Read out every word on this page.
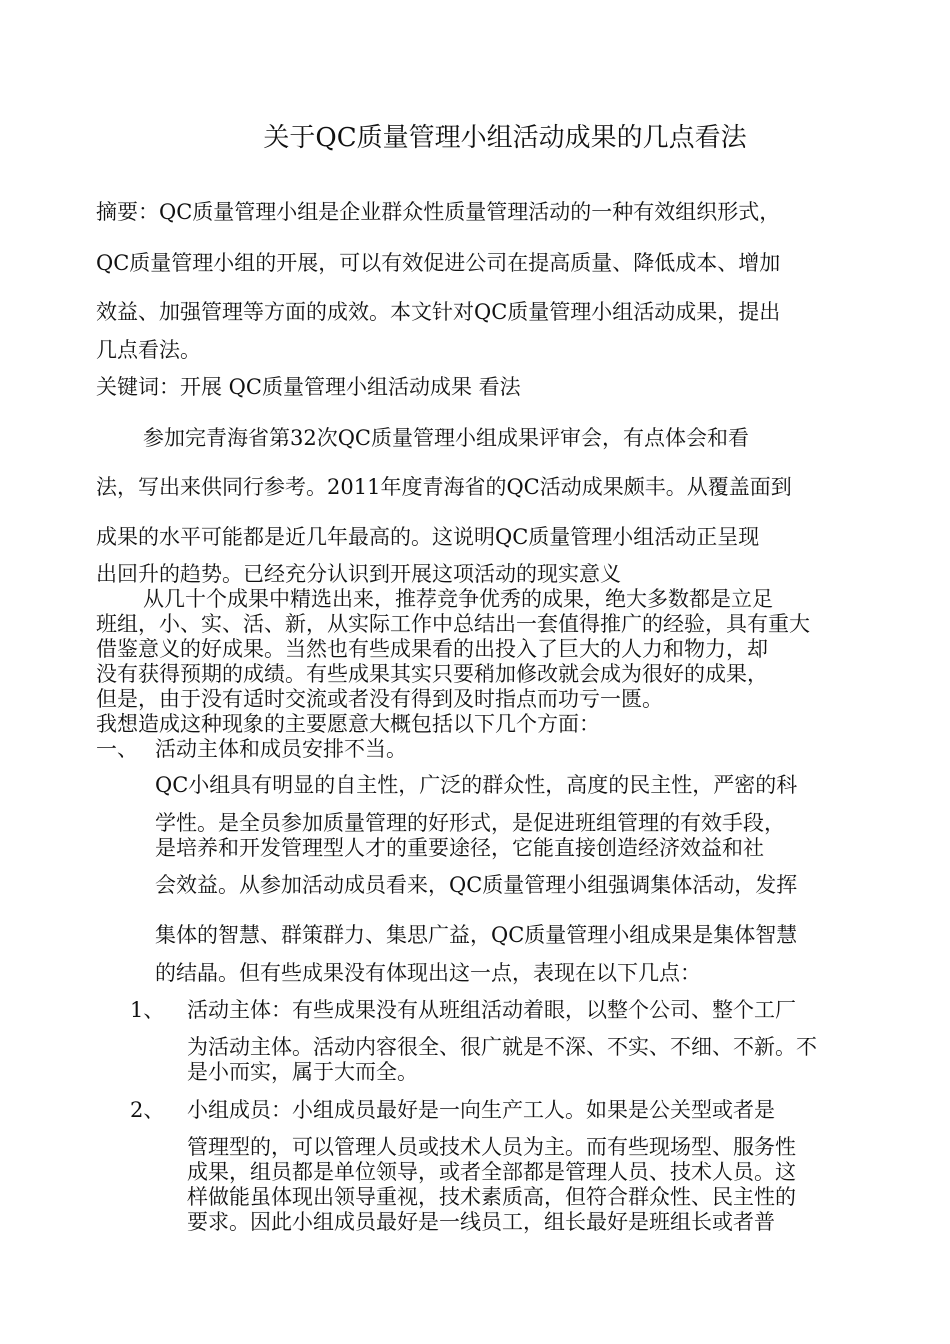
关于QC质量管理小组活动成果的几点看法
摘要：QC质量管理小组是企业群众性质量管理活动的一种有效组织形式，
QC质量管理小组的开展，可以有效促进公司在提高质量、降低成本、增加
效益、加强管理等方面的成效。本文针对QC质量管理小组活动成果，提出
几点看法。
关键词：开展 QC质量管理小组活动成果 看法
参加完青海省第32次QC质量管理小组成果评审会，有点体会和看
法，写出来供同行参考。2011年度青海省的QC活动成果颇丰。从覆盖面到
成果的水平可能都是近几年最高的。这说明QC质量管理小组活动正呈现
出回升的趋势。已经充分认识到开展这项活动的现实意义
从几十个成果中精选出来，推荐竞争优秀的成果，绝大多数都是立足
班组，小、实、活、新，从实际工作中总结出一套值得推广的经验，具有重大
借鉴意义的好成果。当然也有些成果看的出投入了巨大的人力和物力，却
没有获得预期的成绩。有些成果其实只要稍加修改就会成为很好的成果，
但是，由于没有适时交流或者没有得到及时指点而功亏一匮。
我想造成这种现象的主要愿意大概包括以下几个方面：
一、 活动主体和成员安排不当。
QC小组具有明显的自主性，广泛的群众性，高度的民主性，严密的科
学性。是全员参加质量管理的好形式，是促进班组管理的有效手段，
是培养和开发管理型人才的重要途径，它能直接创造经济效益和社
会效益。从参加活动成员看来，QC质量管理小组强调集体活动，发挥
集体的智慧、群策群力、集思广益，QC质量管理小组成果是集体智慧
的结晶。但有些成果没有体现出这一点，表现在以下几点：
1、 活动主体：有些成果没有从班组活动着眼，以整个公司、整个工厂
为活动主体。活动内容很全、很广就是不深、不实、不细、不新。不
是小而实，属于大而全。
2、 小组成员：小组成员最好是一向生产工人。如果是公关型或者是
管理型的，可以管理人员或技术人员为主。而有些现场型、服务性
成果，组员都是单位领导，或者全部都是管理人员、技术人员。这
样做能虽体现出领导重视，技术素质高，但符合群众性、民主性的
要求。因此小组成员最好是一线员工，组长最好是班组长或者普
